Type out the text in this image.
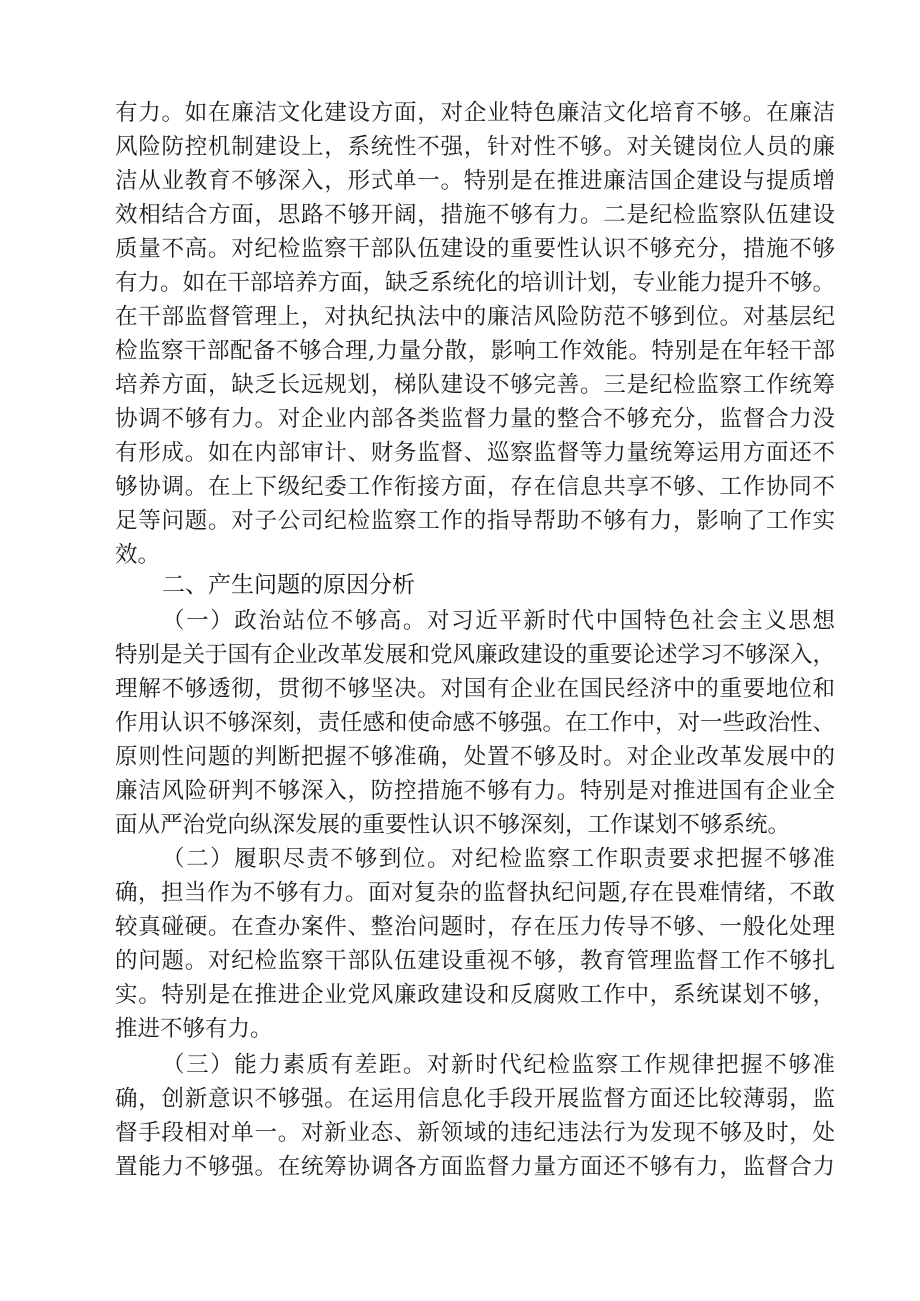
有力。如在廉洁文化建设方面，对企业特色廉洁文化培育不够。在廉洁
风险防控机制建设上，系统性不强，针对性不够。对关键岗位人员的廉
洁从业教育不够深入，形式单一。特别是在推进廉洁国企建设与提质增
效相结合方面，思路不够开阔，措施不够有力。二是纪检监察队伍建设
质量不高。对纪检监察干部队伍建设的重要性认识不够充分，措施不够
有力。如在干部培养方面，缺乏系统化的培训计划，专业能力提升不够。
在干部监督管理上，对执纪执法中的廉洁风险防范不够到位。对基层纪
检监察干部配备不够合理,力量分散，影响工作效能。特别是在年轻干部
培养方面，缺乏长远规划，梯队建设不够完善。三是纪检监察工作统筹
协调不够有力。对企业内部各类监督力量的整合不够充分，监督合力没
有形成。如在内部审计、财务监督、巡察监督等力量统筹运用方面还不
够协调。在上下级纪委工作衔接方面，存在信息共享不够、工作协同不
足等问题。对子公司纪检监察工作的指导帮助不够有力，影响了工作实
效。
二、产生问题的原因分析
（一）政治站位不够高。对习近平新时代中国特色社会主义思想
特别是关于国有企业改革发展和党风廉政建设的重要论述学习不够深入，
理解不够透彻，贯彻不够坚决。对国有企业在国民经济中的重要地位和
作用认识不够深刻，责任感和使命感不够强。在工作中，对一些政治性、
原则性问题的判断把握不够准确，处置不够及时。对企业改革发展中的
廉洁风险研判不够深入，防控措施不够有力。特别是对推进国有企业全
面从严治党向纵深发展的重要性认识不够深刻，工作谋划不够系统。
（二）履职尽责不够到位。对纪检监察工作职责要求把握不够准
确，担当作为不够有力。面对复杂的监督执纪问题,存在畏难情绪，不敢
较真碰硬。在查办案件、整治问题时，存在压力传导不够、一般化处理
的问题。对纪检监察干部队伍建设重视不够，教育管理监督工作不够扎
实。特别是在推进企业党风廉政建设和反腐败工作中，系统谋划不够，
推进不够有力。
（三）能力素质有差距。对新时代纪检监察工作规律把握不够准
确，创新意识不够强。在运用信息化手段开展监督方面还比较薄弱，监
督手段相对单一。对新业态、新领域的违纪违法行为发现不够及时，处
置能力不够强。在统筹协调各方面监督力量方面还不够有力，监督合力
